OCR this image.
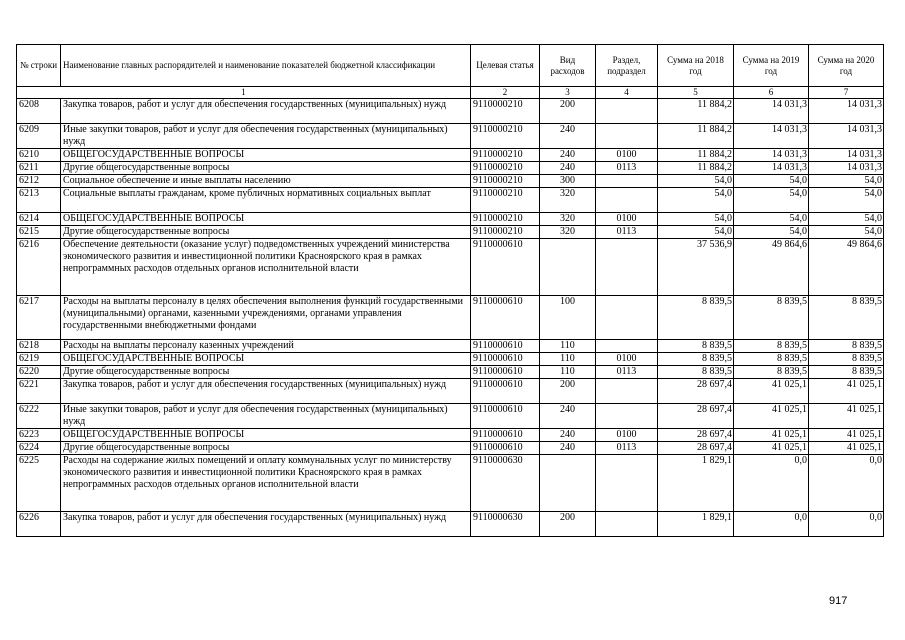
№ строки	Наименование главных распорядителей и наименование показателей бюджетной классификации	Целевая статья	Вид расходов	Раздел, подраздел	Сумма на 2018 год	Сумма на 2019 год	Сумма на 2020 год
1		2	3	4	5	6	7
6208	Закупка товаров, работ и услуг для обеспечения государственных (муниципальных) нужд	9110000210	200		11 884,2	14 031,3	14 031,3
6209	Иные закупки товаров, работ и услуг для обеспечения государственных (муниципальных) нужд	9110000210	240		11 884,2	14 031,3	14 031,3
6210	ОБЩЕГОСУДАРСТВЕННЫЕ ВОПРОСЫ	9110000210	240	0100	11 884,2	14 031,3	14 031,3
6211	Другие общегосударственные вопросы	9110000210	240	0113	11 884,2	14 031,3	14 031,3
6212	Социальное обеспечение и иные выплаты населению	9110000210	300		54,0	54,0	54,0
6213	Социальные выплаты гражданам, кроме публичных нормативных социальных выплат	9110000210	320		54,0	54,0	54,0
6214	ОБЩЕГОСУДАРСТВЕННЫЕ ВОПРОСЫ	9110000210	320	0100	54,0	54,0	54,0
6215	Другие общегосударственные вопросы	9110000210	320	0113	54,0	54,0	54,0
6216	Обеспечение деятельности (оказание услуг) подведомственных учреждений министерства экономического развития и инвестиционной политики Красноярского края в рамках непрограммных расходов отдельных органов исполнительной власти	9110000610			37 536,9	49 864,6	49 864,6
6217	Расходы на выплаты персоналу в целях обеспечения выполнения функций государственными (муниципальными) органами, казенными учреждениями, органами управления государственными внебюджетными фондами	9110000610	100		8 839,5	8 839,5	8 839,5
6218	Расходы на выплаты персоналу казенных учреждений	9110000610	110		8 839,5	8 839,5	8 839,5
6219	ОБЩЕГОСУДАРСТВЕННЫЕ ВОПРОСЫ	9110000610	110	0100	8 839,5	8 839,5	8 839,5
6220	Другие общегосударственные вопросы	9110000610	110	0113	8 839,5	8 839,5	8 839,5
6221	Закупка товаров, работ и услуг для обеспечения государственных (муниципальных) нужд	9110000610	200		28 697,4	41 025,1	41 025,1
6222	Иные закупки товаров, работ и услуг для обеспечения государственных (муниципальных) нужд	9110000610	240		28 697,4	41 025,1	41 025,1
6223	ОБЩЕГОСУДАРСТВЕННЫЕ ВОПРОСЫ	9110000610	240	0100	28 697,4	41 025,1	41 025,1
6224	Другие общегосударственные вопросы	9110000610	240	0113	28 697,4	41 025,1	41 025,1
6225	Расходы на содержание жилых помещений и оплату коммунальных услуг по министерству экономического развития и инвестиционной политики Красноярского края в рамках непрограммных расходов отдельных органов исполнительной власти	9110000630			1 829,1	0,0	0,0
6226	Закупка товаров, работ и услуг для обеспечения государственных (муниципальных) нужд	9110000630	200		1 829,1	0,0	0,0
917
